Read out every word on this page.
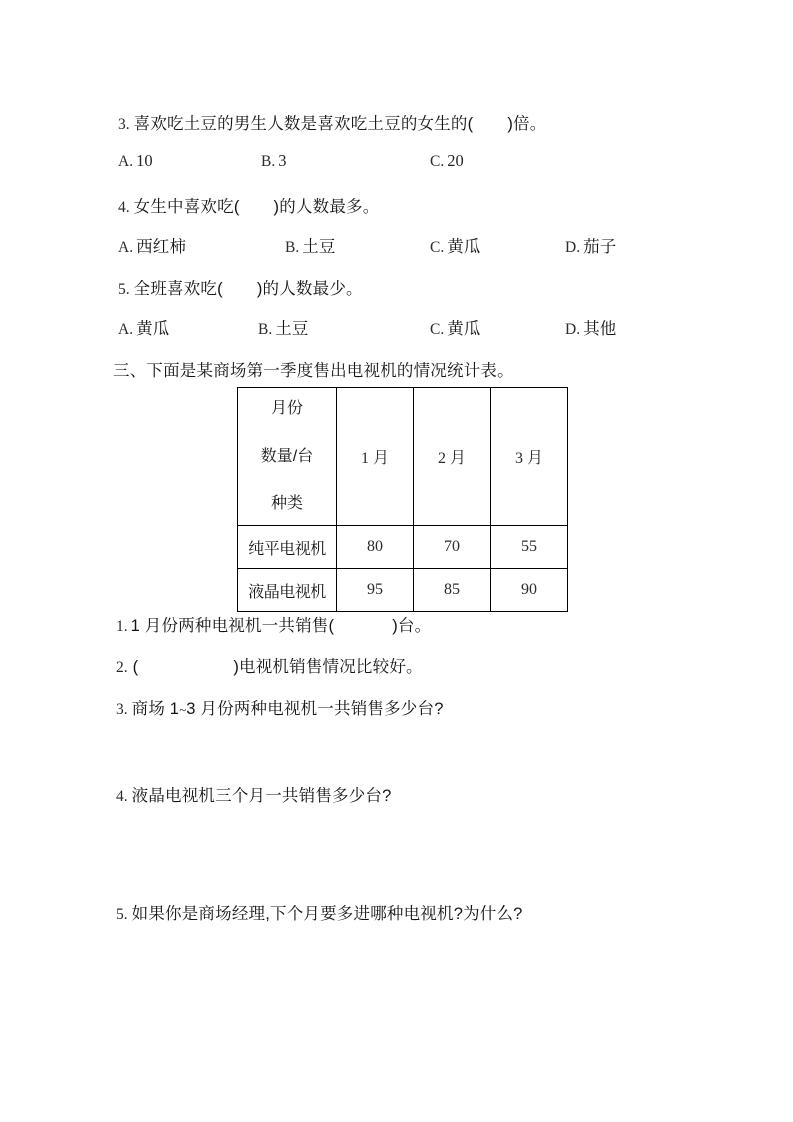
3. 喜欢吃土豆的男生人数是喜欢吃土豆的女生的( )倍。
A. 10	B. 3	C. 20
4. 女生中喜欢吃( )的人数最多。
A. 西红柿	B. 土豆	C. 黄瓜	D. 茄子
5. 全班喜欢吃( )的人数最少。
A. 黄瓜	B. 土豆	C. 黄瓜	D. 其他
三、下面是某商场第一季度售出电视机的情况统计表。
月份
数量/台
种类	1 月	2 月	3 月
纯平电视机	80	70	55
液晶电视机	95	85	90
1. 1 月份两种电视机一共销售(	)台。
2. (	)电视机销售情况比较好。
3. 商场 1 ~ 3 月份两种电视机一共销售多少台?
4. 液晶电视机三个月一共销售多少台?
5. 如果你是商场经理,下个月要多进哪种电视机?为什么?
